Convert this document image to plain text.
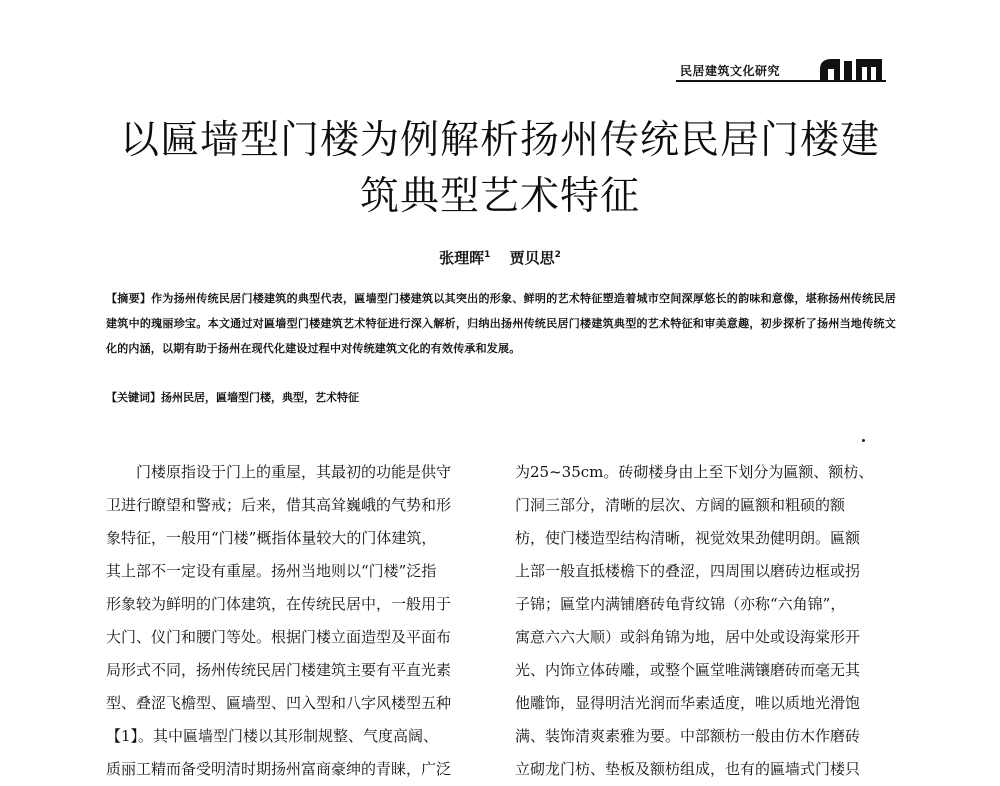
民居建筑文化研究
以匾墙型门楼为例解析扬州传统民居门楼建
筑典型艺术特征
张理晖$^1$ 贾贝思$^2$

【摘要】作为扬州传统民居门楼建筑的典型代表，匾墙型门楼建筑以其突出的形象、鲜明的艺术特征塑造着城市空间深厚悠长的韵味和意像，堪称扬州传统民居建筑中的瑰丽珍宝。本文通过对匾墙型门楼建筑艺术特征进行深入解析，归纳出扬州传统民居门楼建筑典型的艺术特征和审美意趣，初步探析了扬州当地传统文化的内涵，以期有助于扬州在现代化建设过程中对传统建筑文化的有效传承和发展。

【关键词】扬州民居，匾墙型门楼，典型，艺术特征

　　门楼原指设于门上的重屋，其最初的功能是供守
卫进行瞭望和警戒；后来，借其高耸巍峨的气势和形
象特征，一般用“门楼”概指体量较大的门体建筑，
其上部不一定设有重屋。扬州当地则以“门楼”泛指
形象较为鲜明的门体建筑，在传统民居中，一般用于
大门、仪门和腰门等处。根据门楼立面造型及平面布
局形式不同，扬州传统民居门楼建筑主要有平直光素
型、叠涩飞檐型、匾墙型、凹入型和八字风楼型五种
【1】。其中匾墙型门楼以其形制规整、气度高阔、
质丽工精而备受明清时期扬州富商豪绅的青睐，广泛
为25~35cm。砖砌楼身由上至下划分为匾额、额枋、
门洞三部分，清晰的层次、方阔的匾额和粗硕的额
枋，使门楼造型结构清晰，视觉效果劲健明朗。匾额
上部一般直抵楼檐下的叠涩，四周围以磨砖边框或拐
子锦；匾堂内满铺磨砖龟背纹锦（亦称“六角锦”，
寓意六六大顺）或斜角锦为地，居中处或设海棠形开
光、内饰立体砖雕，或整个匾堂唯满镶磨砖而毫无其
他雕饰，显得明洁光润而华素适度，唯以质地光滑饱
满、装饰清爽素雅为要。中部额枋一般由仿木作磨砖
立砌龙门枋、垫板及额枋组成，也有的匾墙式门楼只
